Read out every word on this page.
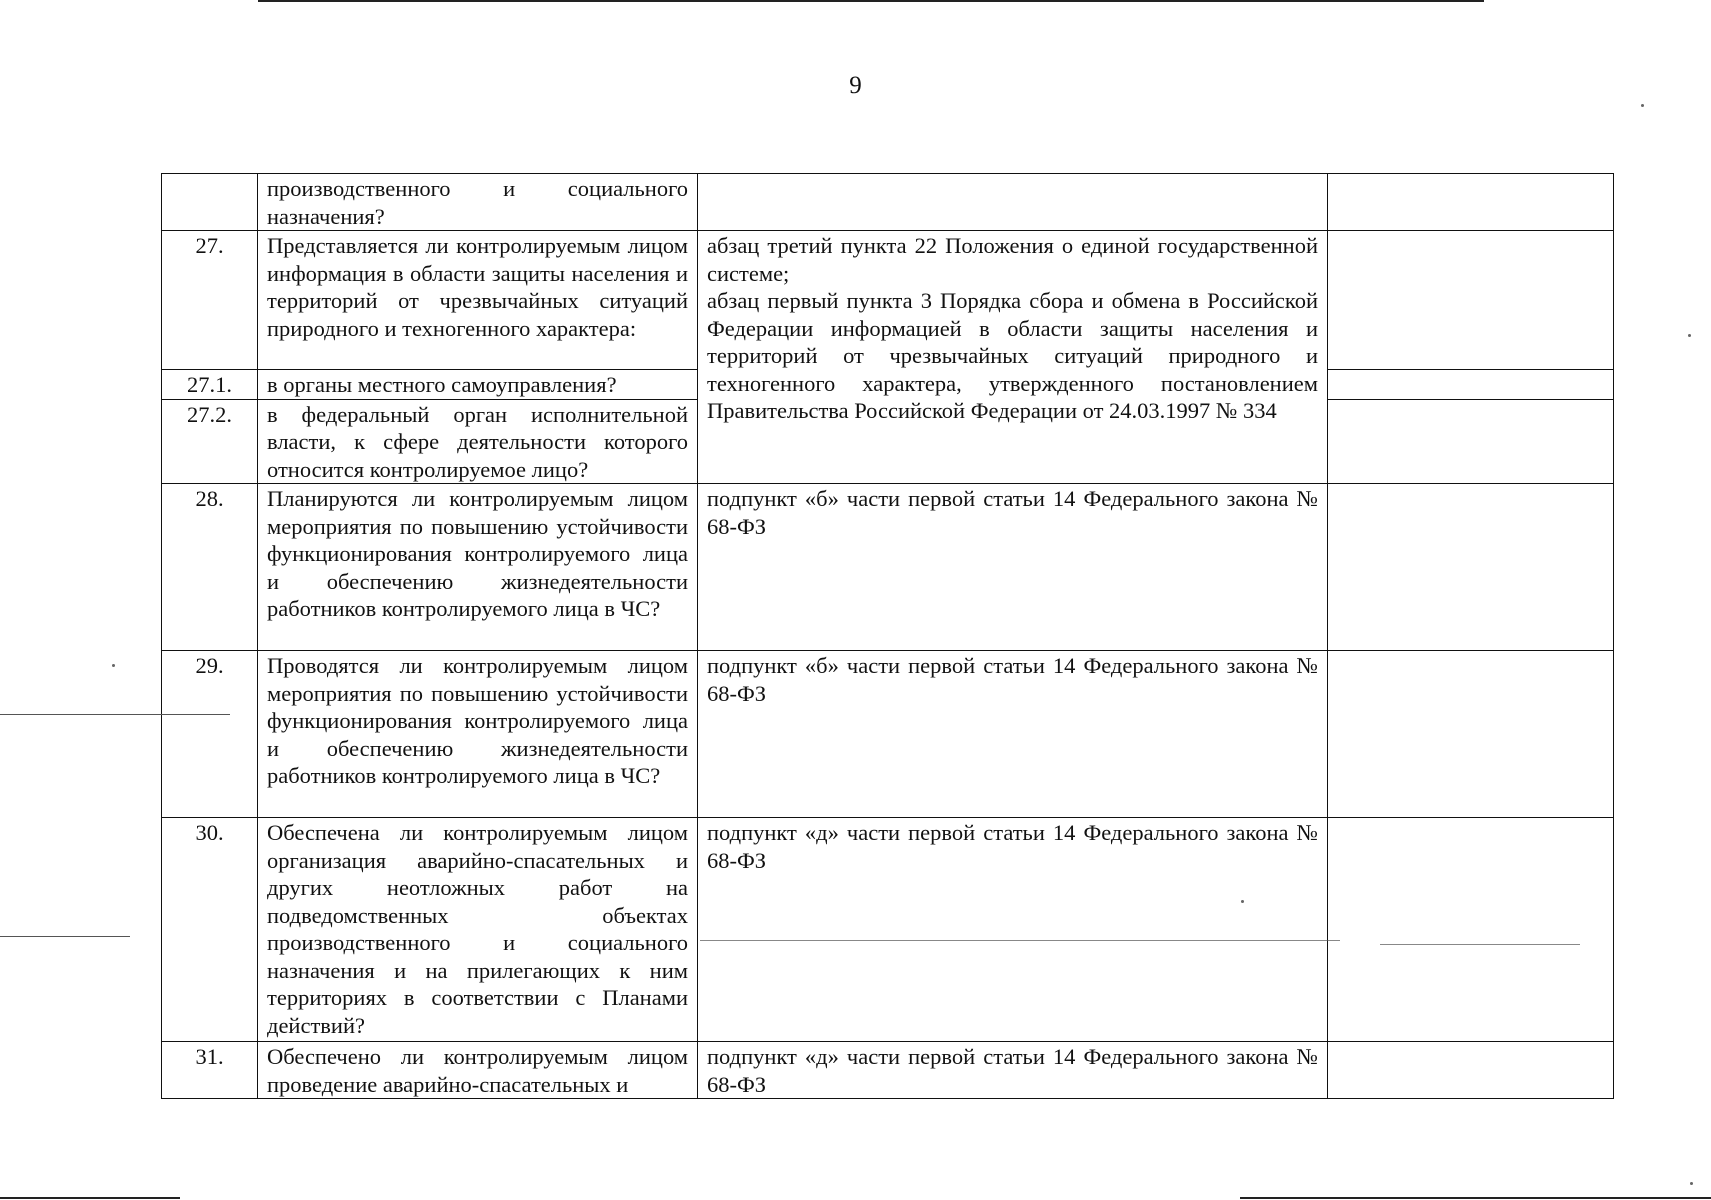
9
	производственного и социального назначения?		
27.	Представляется ли контролируемым лицом информация в области защиты населения и территорий от чрезвычайных ситуаций природного и техногенного характера:	абзац третий пункта 22 Положения о единой государственной системе;
абзац первый пункта 3 Порядка сбора и обмена в Российской Федерации информацией в области защиты населения и территорий от чрезвычайных ситуаций природного и техногенного характера, утвержденного постановлением Правительства Российской Федерации от 24.03.1997 № 334	

27.1.	в органы местного самоуправления?		
27.2.	в федеральный орган исполнительной власти, к сфере деятельности которого относится контролируемое лицо?		
28.	Планируются ли контролируемым лицом мероприятия по повышению устойчивости функционирования контролируемого лица и обеспечению жизнедеятельности работников контролируемого лица в ЧС?	подпункт «б» части первой статьи 14 Федерального закона № 68-ФЗ	
29.	Проводятся ли контролируемым лицом мероприятия по повышению устойчивости функционирования контролируемого лица и обеспечению жизнедеятельности работников контролируемого лица в ЧС?	подпункт «б» части первой статьи 14 Федерального закона № 68-ФЗ	
30.	Обеспечена ли контролируемым лицом организация аварийно-спасательных и других неотложных работ на подведомственных объектах производственного и социального назначения и на прилегающих к ним территориях в соответствии с Планами действий?	подпункт «д» части первой статьи 14 Федерального закона № 68-ФЗ	
31.	Обеспечено ли контролируемым лицом проведение аварийно-спасательных и	подпункт «д» части первой статьи 14 Федерального закона № 68-ФЗ	
